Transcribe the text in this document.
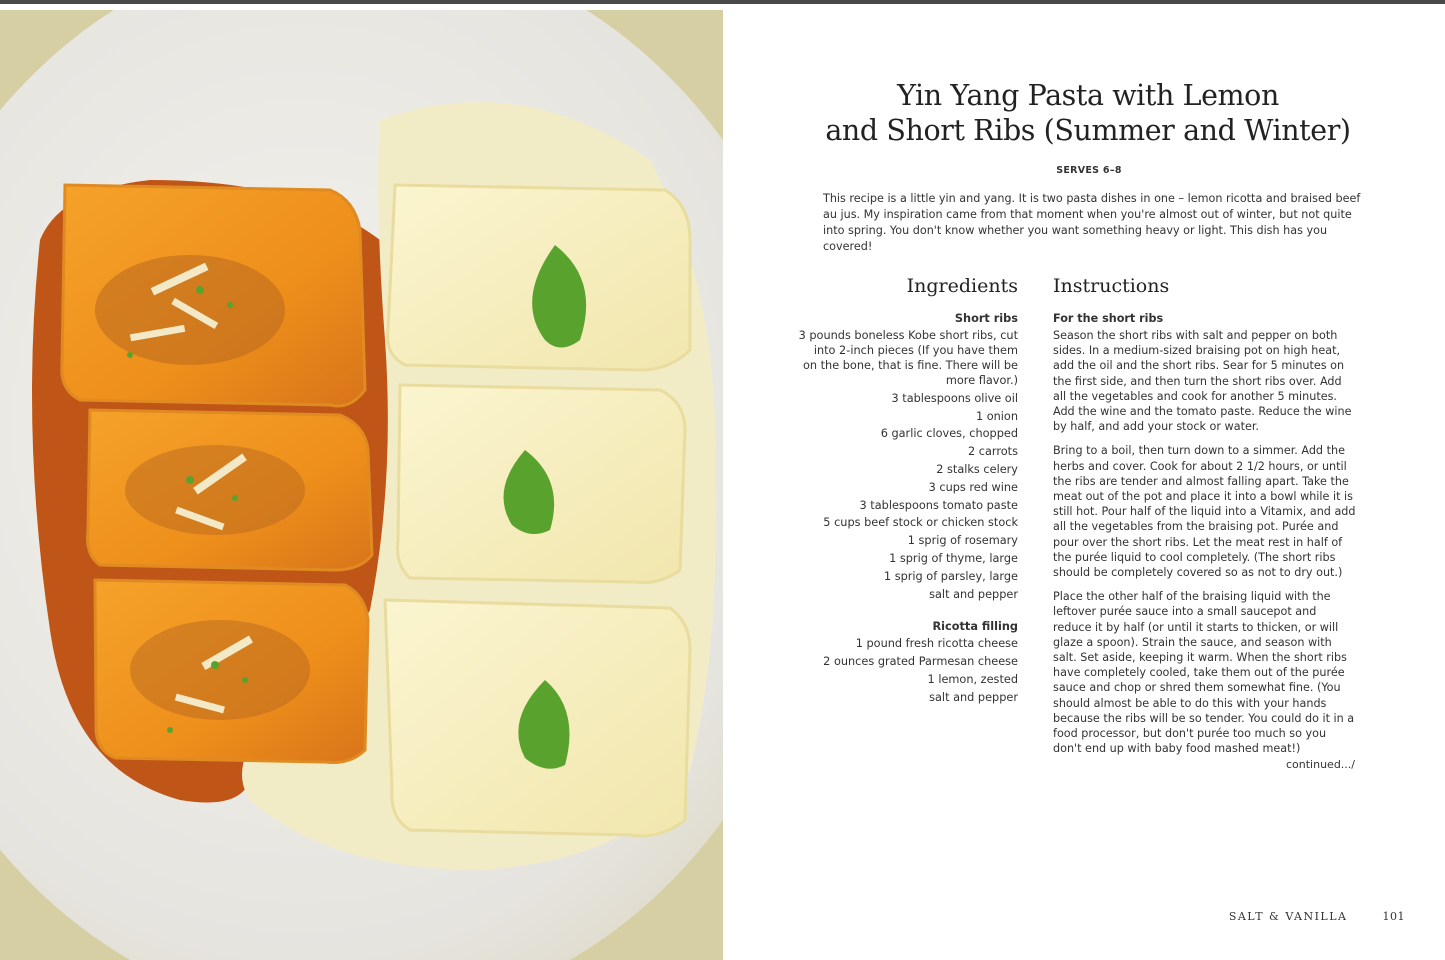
Yin Yang Pasta with Lemon
and Short Ribs (Summer and Winter)
SERVES 6–8
This recipe is a little yin and yang. It is two pasta dishes in one – lemon ricotta and braised beef au jus. My inspiration came from that moment when you're almost out of winter, but not quite into spring. You don't know whether you want something heavy or light. This dish has you covered!
Ingredients Instructions
Short ribs
3 pounds boneless Kobe short ribs, cut into 2-inch pieces (If you have them on the bone, that is fine. There will be more flavor.)
3 tablespoons olive oil
1 onion
6 garlic cloves, chopped
2 carrots
2 stalks celery
3 cups red wine
3 tablespoons tomato paste
5 cups beef stock or chicken stock
1 sprig of rosemary
1 sprig of thyme, large
1 sprig of parsley, large
salt and pepper
Ricotta filling
1 pound fresh ricotta cheese
2 ounces grated Parmesan cheese
1 lemon, zested
salt and pepper
For the short ribs

Season the short ribs with salt and pepper on both sides. In a medium-sized braising pot on high heat, add the oil and the short ribs. Sear for 5 minutes on the first side, and then turn the short ribs over. Add all the vegetables and cook for another 5 minutes. Add the wine and the tomato paste. Reduce the wine by half, and add your stock or water.

Bring to a boil, then turn down to a simmer. Add the herbs and cover. Cook for about 2 1/2 hours, or until the ribs are tender and almost falling apart. Take the meat out of the pot and place it into a bowl while it is still hot. Pour half of the liquid into a Vitamix, and add all the vegetables from the braising pot. Purée and pour over the short ribs. Let the meat rest in half of the purée liquid to cool completely. (The short ribs should be completely covered so as not to dry out.)

Place the other half of the braising liquid with the leftover purée sauce into a small saucepot and reduce it by half (or until it starts to thicken, or will glaze a spoon). Strain the sauce, and season with salt. Set aside, keeping it warm. When the short ribs have completely cooled, take them out of the purée sauce and chop or shred them somewhat fine. (You should almost be able to do this with your hands because the ribs will be so tender. You could do it in a food processor, but don't purée too much so you don't end up with baby food mashed meat!)

continued.../
SALT & VANILLA	101
